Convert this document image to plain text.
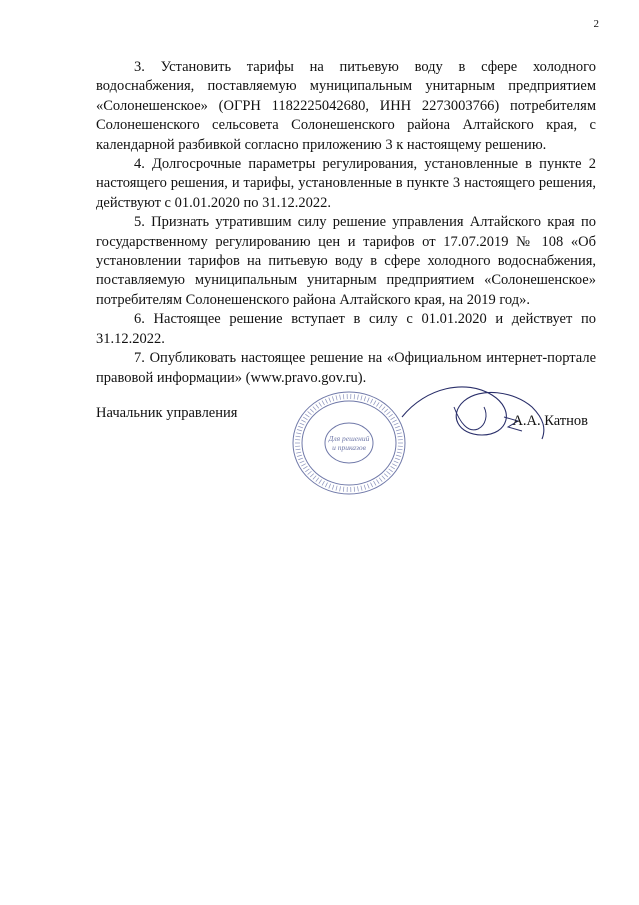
2

3. Установить тарифы на питьевую воду в сфере холодного водоснабжения, поставляемую муниципальным унитарным предприятием «Солонешенское» (ОГРН 1182225042680, ИНН 2273003766) потребителям Солонешенского сельсовета Солонешенского района Алтайского края, с календарной разбивкой согласно приложению 3 к настоящему решению.

4. Долгосрочные параметры регулирования, установленные в пункте 2 настоящего решения, и тарифы, установленные в пункте 3 настоящего решения, действуют с 01.01.2020 по 31.12.2022.

5. Признать утратившим силу решение управления Алтайского края по государственному регулированию цен и тарифов от 17.07.2019 № 108 «Об установлении тарифов на питьевую воду в сфере холодного водоснабжения, поставляемую муниципальным унитарным предприятием «Солонешенское» потребителям Солонешенского района Алтайского края, на 2019 год».

6. Настоящее решение вступает в силу с 01.01.2020 и действует по 31.12.2022.

7. Опубликовать настоящее решение на «Официальном интернет-портале правовой информации» (www.pravo.gov.ru).

Начальник управления
Для решений
и приказов
А.А. Катнов
